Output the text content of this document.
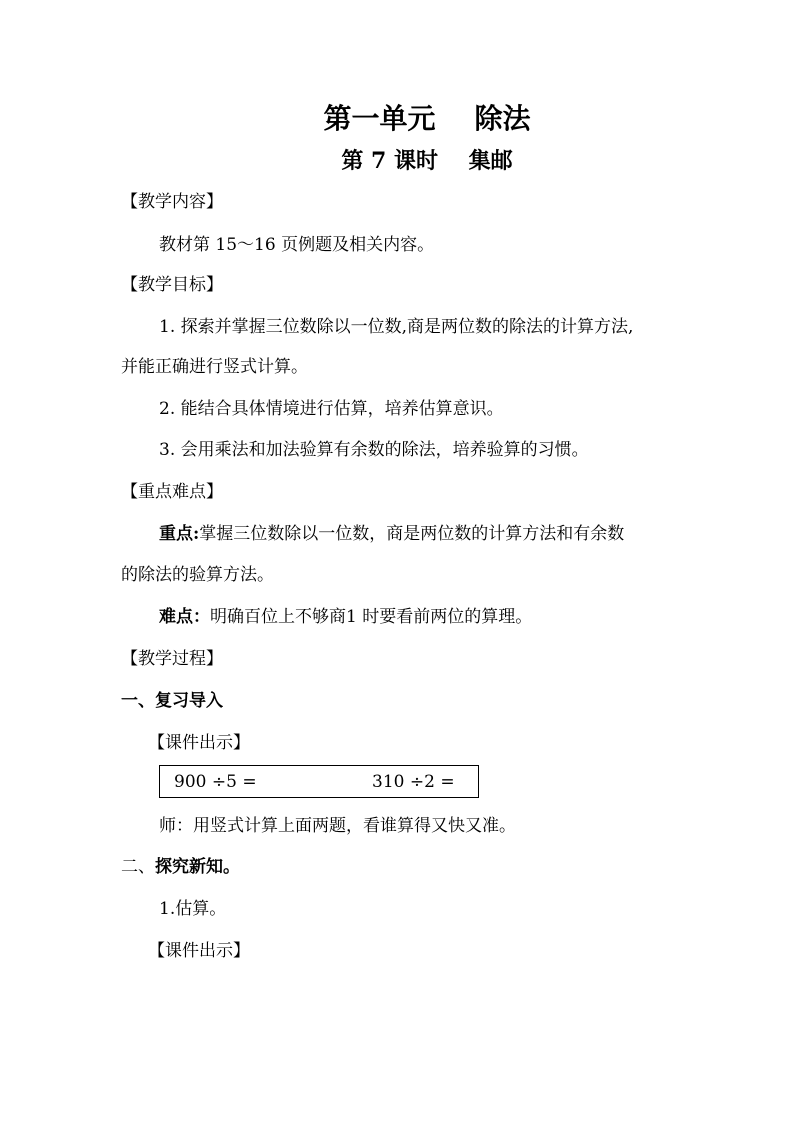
第一单元    除法
第 7 课时    集邮
【教学内容】
教材第 15～16 页例题及相关内容。
【教学目标】
1. 探索并掌握三位数除以一位数,商是两位数的除法的计算方法,
并能正确进行竖式计算。
2. 能结合具体情境进行估算，培养估算意识。
3. 会用乘法和加法验算有余数的除法，培养验算的习惯。
【重点难点】
重点:掌握三位数除以一位数，商是两位数的计算方法和有余数
的除法的验算方法。
难点：明确百位上不够商1 时要看前两位的算理。
【教学过程】
一、复习导入
【课件出示】
900 ÷5 =	310 ÷2 =
师：用竖式计算上面两题，看谁算得又快又准。
二、探究新知。
1.估算。
【课件出示】
